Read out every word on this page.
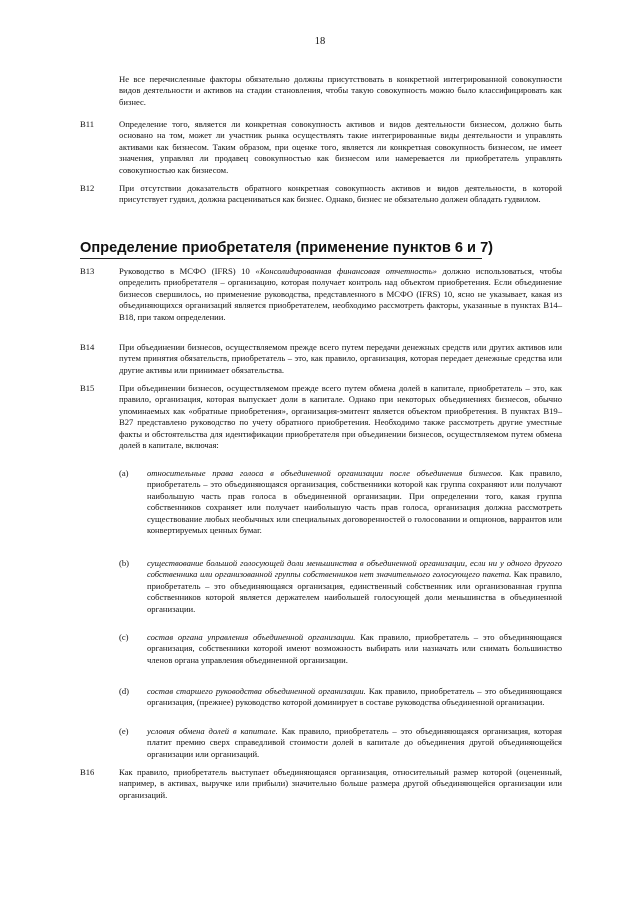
18
Не все перечисленные факторы обязательно должны присутствовать в конкретной интегрированной совокупности видов деятельности и активов на стадии становления, чтобы такую совокупность можно было классифицировать как бизнес.
B11	Определение того, является ли конкретная совокупность активов и видов деятельности бизнесом, должно быть основано на том, может ли участник рынка осуществлять такие интегрированные виды деятельности и управлять активами как бизнесом. Таким образом, при оценке того, является ли конкретная совокупность бизнесом, не имеет значения, управлял ли продавец совокупностью как бизнесом или намеревается ли приобретатель управлять совокупностью как бизнесом.
B12	При отсутствии доказательств обратного конкретная совокупность активов и видов деятельности, в которой присутствует гудвил, должна расцениваться как бизнес. Однако, бизнес не обязательно должен обладать гудвилом.
Определение приобретателя (применение пунктов 6 и 7)
B13	Руководство в МСФО (IFRS) 10 «Консолидированная финансовая отчетность» должно использоваться, чтобы определить приобретателя – организацию, которая получает контроль над объектом приобретения. Если объединение бизнесов свершилось, но применение руководства, представленного в МСФО (IFRS) 10, ясно не указывает, какая из объединяющихся организаций является приобретателем, необходимо рассмотреть факторы, указанные в пунктах B14–B18, при таком определении.
B14	При объединении бизнесов, осуществляемом прежде всего путем передачи денежных средств или других активов или путем принятия обязательств, приобретатель – это, как правило, организация, которая передает денежные средства или другие активы или принимает обязательства.
B15	При объединении бизнесов, осуществляемом прежде всего путем обмена долей в капитале, приобретатель – это, как правило, организация, которая выпускает доли в капитале. Однако при некоторых объединениях бизнесов, обычно упоминаемых как «обратные приобретения», организация-эмитент является объектом приобретения. В пунктах B19–B27 представлено руководство по учету обратного приобретения. Необходимо также рассмотреть другие уместные факты и обстоятельства для идентификации приобретателя при объединении бизнесов, осуществляемом путем обмена долей в капитале, включая:
(a) относительные права голоса в объединенной организации после объединения бизнесов. Как правило, приобретатель – это объединяющаяся организация, собственники которой как группа сохраняют или получают наибольшую часть прав голоса в объединенной организации. При определении того, какая группа собственников сохраняет или получает наибольшую часть прав голоса, организация должна рассмотреть существование любых необычных или специальных договоренностей о голосовании и опционов, варрантов или конвертируемых ценных бумаг.
(b) существование большой голосующей доли меньшинства в объединенной организации, если ни у одного другого собственника или организованной группы собственников нет значительного голосующего пакета. Как правило, приобретатель – это объединяющаяся организация, единственный собственник или организованная группа собственников которой является держателем наибольшей голосующей доли меньшинства в объединенной организации.
(c) состав органа управления объединенной организации. Как правило, приобретатель – это объединяющаяся организация, собственники которой имеют возможность выбирать или назначать или снимать большинство членов органа управления объединенной организации.
(d) состав старшего руководства объединенной организации. Как правило, приобретатель – это объединяющаяся организация, (прежнее) руководство которой доминирует в составе руководства объединенной организации.
(e) условия обмена долей в капитале. Как правило, приобретатель – это объединяющаяся организация, которая платит премию сверх справедливой стоимости долей в капитале до объединения другой объединяющейся организации или организаций.
B16	Как правило, приобретатель выступает объединяющаяся организация, относительный размер которой (оцененный, например, в активах, выручке или прибыли) значительно больше размера другой объединяющейся организации или организаций.
